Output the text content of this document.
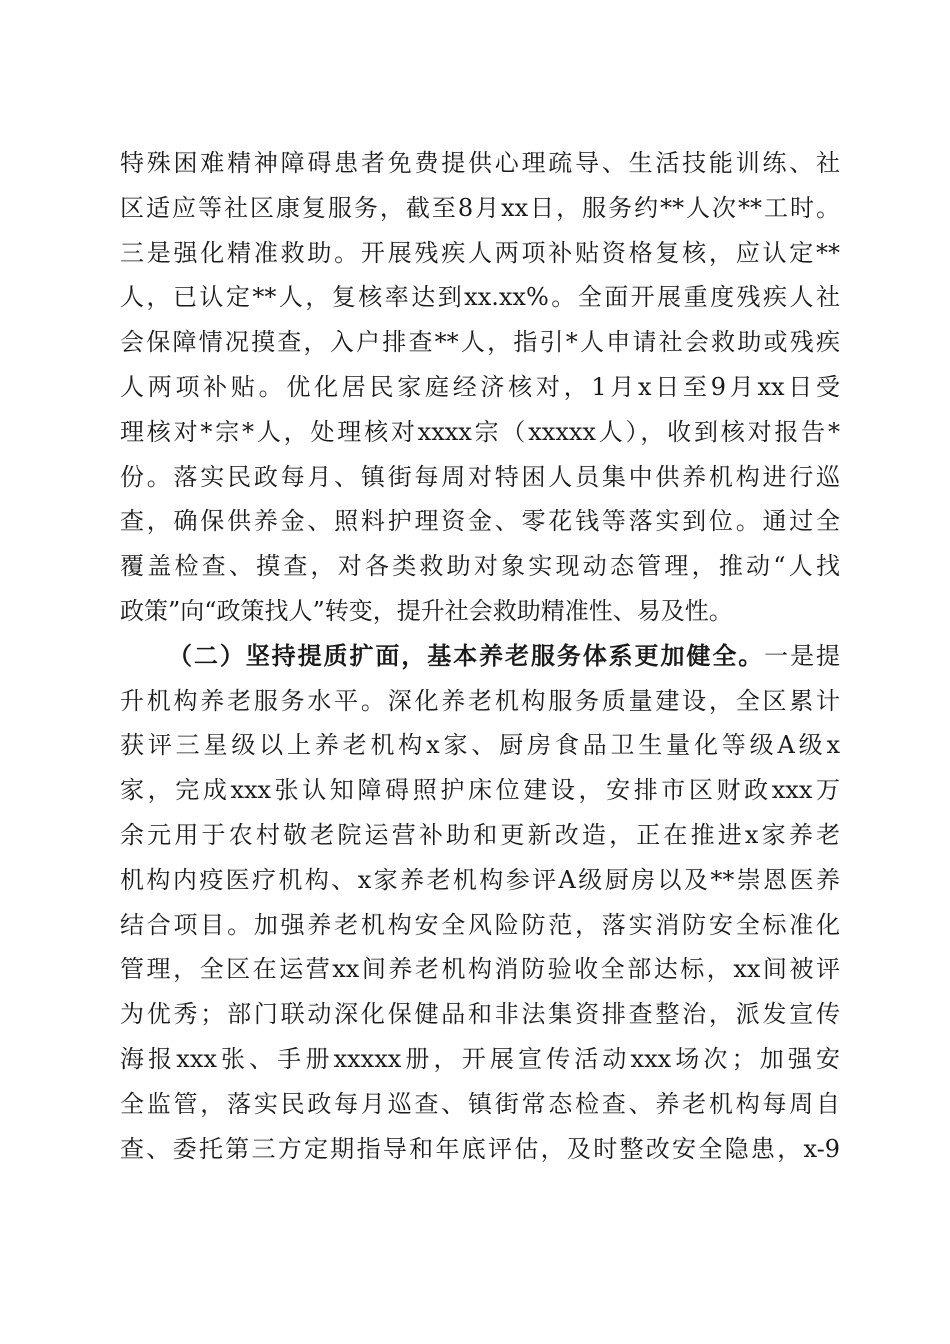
特殊困难精神障碍患者免费提供心理疏导、生活技能训练、社
区适应等社区康复服务，截至8月xx日，服务约**人次**工时。
三是强化精准救助。开展残疾人两项补贴资格复核，应认定**
人，已认定**人，复核率达到xx.xx%。全面开展重度残疾人社
会保障情况摸查，入户排查**人，指引*人申请社会救助或残疾
人两项补贴。优化居民家庭经济核对，1月x日至9月xx日受
理核对*宗*人，处理核对xxxx宗（xxxxx人），收到核对报告*
份。落实民政每月、镇街每周对特困人员集中供养机构进行巡
查，确保供养金、照料护理资金、零花钱等落实到位。通过全
覆盖检查、摸查，对各类救助对象实现动态管理，推动“人找
政策”向“政策找人”转变，提升社会救助精准性、易及性。
（二）坚持提质扩面，基本养老服务体系更加健全。一是提
升机构养老服务水平。深化养老机构服务质量建设，全区累计
获评三星级以上养老机构x家、厨房食品卫生量化等级A级x
家，完成xxx张认知障碍照护床位建设，安排市区财政xxx万
余元用于农村敬老院运营补助和更新改造，正在推进x家养老
机构内疫医疗机构、x家养老机构参评A级厨房以及**崇恩医养
结合项目。加强养老机构安全风险防范，落实消防安全标准化
管理，全区在运营xx间养老机构消防验收全部达标，xx间被评
为优秀；部门联动深化保健品和非法集资排查整治，派发宣传
海报xxx张、手册xxxxx册，开展宣传活动xxx场次；加强安
全监管，落实民政每月巡查、镇街常态检查、养老机构每周自
查、委托第三方定期指导和年底评估，及时整改安全隐患，x-9
